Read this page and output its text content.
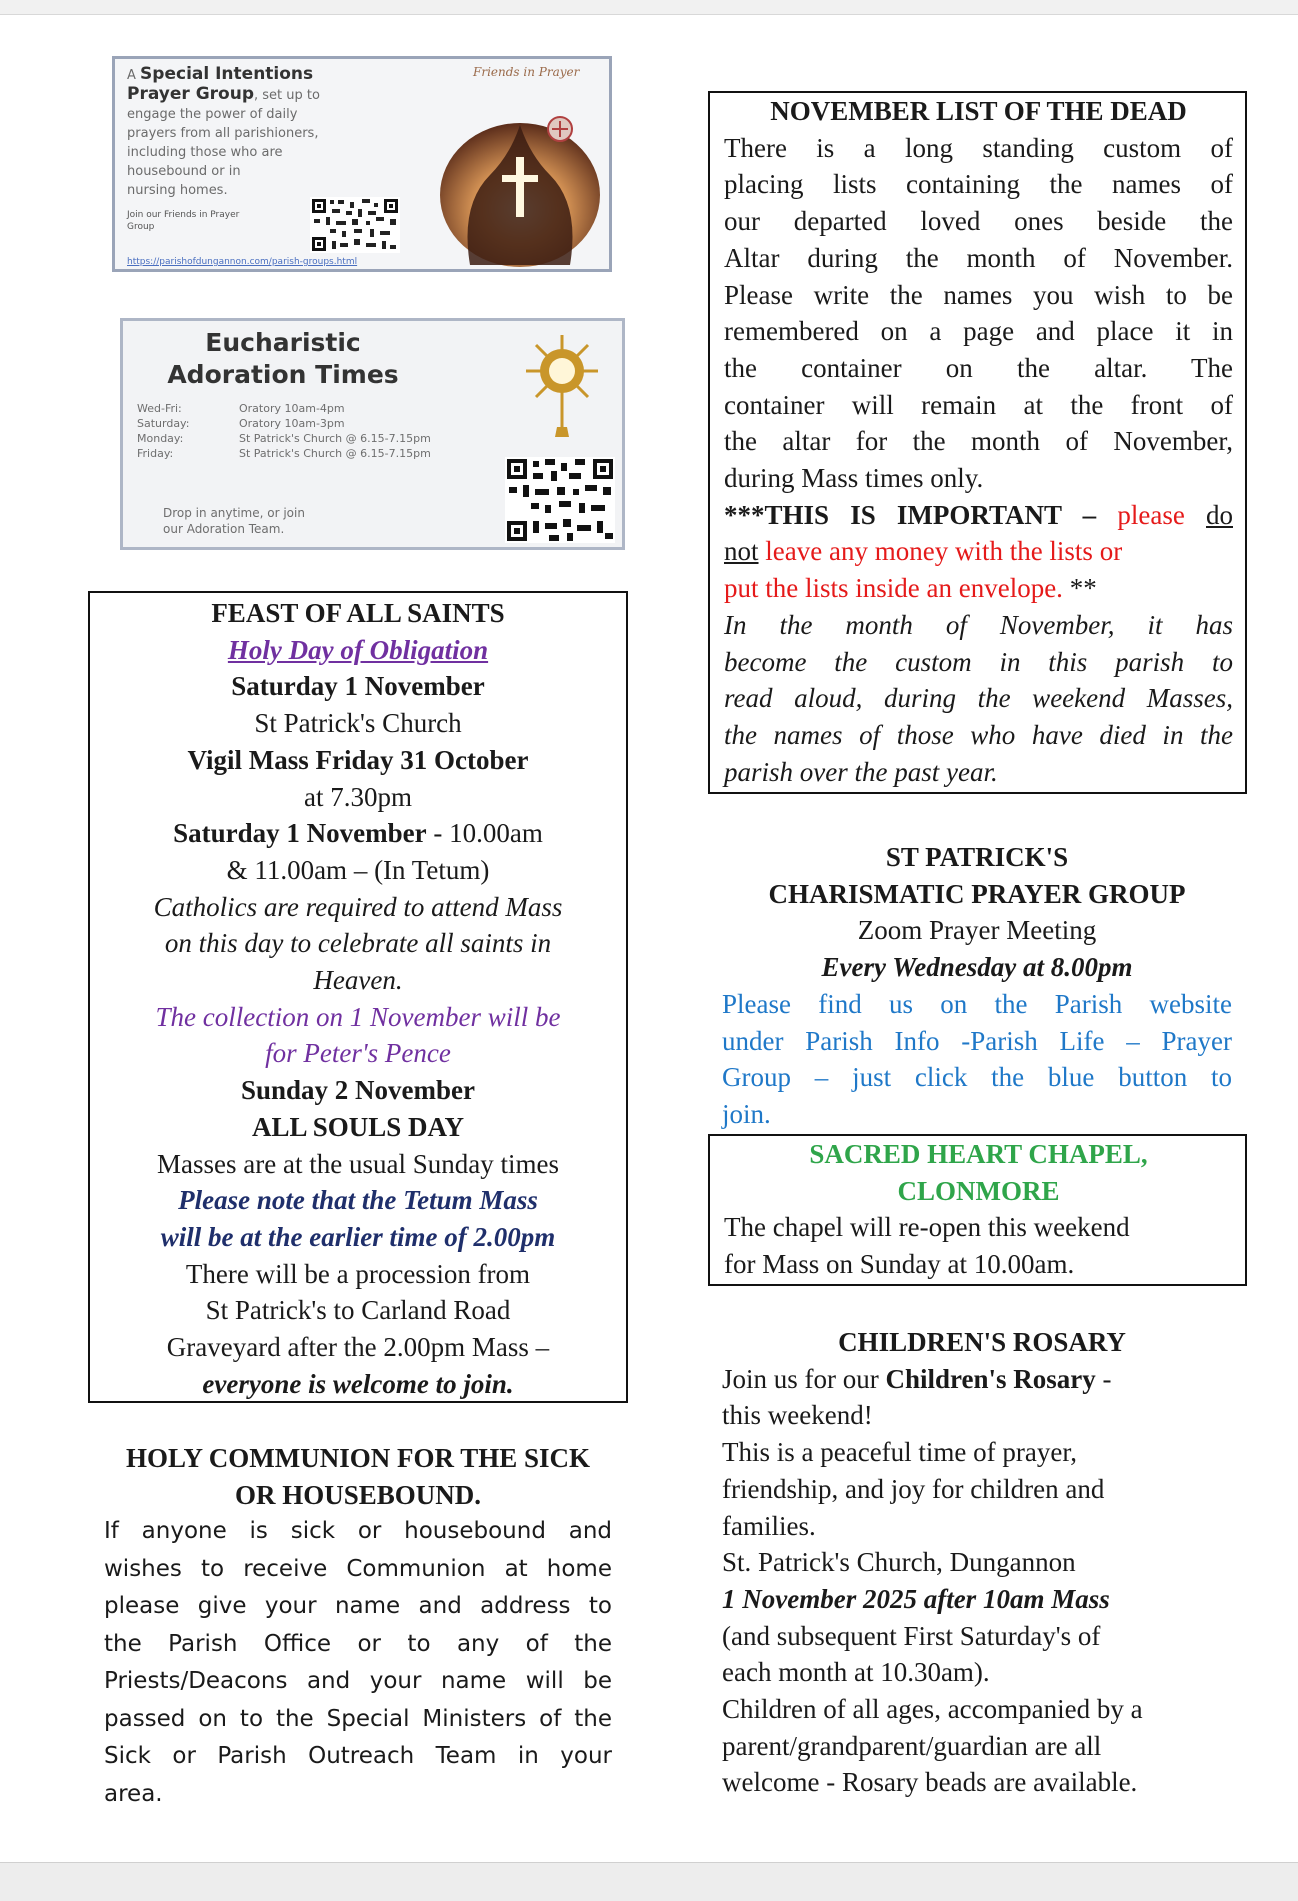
A Special Intentions
Prayer Group, set up to
engage the power of daily
prayers from all parishioners,
including those who are
housebound or in
nursing homes.
Join our Friends in Prayer Group
https://parishofdungannon.com/parish-groups.html
Friends in Prayer
Eucharistic
Adoration Times
Wed-Fri:	Oratory 10am-4pm
Saturday:	Oratory 10am-3pm
Monday:	St Patrick's Church @ 6.15-7.15pm
Friday:	St Patrick's Church @ 6.15-7.15pm
Drop in anytime, or join
our Adoration Team.
FEAST OF ALL SAINTS
Holy Day of Obligation
Saturday 1 November
St Patrick's Church
Vigil Mass Friday 31 October
at 7.30pm
Saturday 1 November - 10.00am
& 11.00am – (In Tetum)
Catholics are required to attend Mass
on this day to celebrate all saints in
Heaven.
The collection on 1 November will be
for Peter's Pence
Sunday 2 November
ALL SOULS DAY
Masses are at the usual Sunday times
Please note that the Tetum Mass
will be at the earlier time of 2.00pm
There will be a procession from
St Patrick's to Carland Road
Graveyard after the 2.00pm Mass –
everyone is welcome to join.
HOLY COMMUNION FOR THE SICK
OR HOUSEBOUND.
If anyone is sick or housebound and
wishes to receive Communion at home
please give your name and address to
the Parish Office or to any of the
Priests/Deacons and your name will be
passed on to the Special Ministers of the
Sick or Parish Outreach Team in your
area.
NOVEMBER LIST OF THE DEAD
There is a long standing custom of
placing lists containing the names of
our departed loved ones beside the
Altar during the month of November.
Please write the names you wish to be
remembered on a page and place it in
the container on the altar. The
container will remain at the front of
the altar for the month of November,
during Mass times only.
***THIS IS IMPORTANT – please do
not leave any money with the lists or
put the lists inside an envelope. **
In the month of November, it has
become the custom in this parish to
read aloud, during the weekend Masses,
the names of those who have died in the
parish over the past year.
ST PATRICK'S
CHARISMATIC PRAYER GROUP
Zoom Prayer Meeting
Every Wednesday at 8.00pm
Please find us on the Parish website
under Parish Info -Parish Life – Prayer
Group – just click the blue button to
join.
SACRED HEART CHAPEL,
CLONMORE
The chapel will re-open this weekend
for Mass on Sunday at 10.00am.
CHILDREN'S ROSARY
Join us for our Children's Rosary -
this weekend!
This is a peaceful time of prayer,
friendship, and joy for children and
families.
St. Patrick's Church, Dungannon
1 November 2025 after 10am Mass
(and subsequent First Saturday's of
each month at 10.30am).
Children of all ages, accompanied by a
parent/grandparent/guardian are all
welcome - Rosary beads are available.
